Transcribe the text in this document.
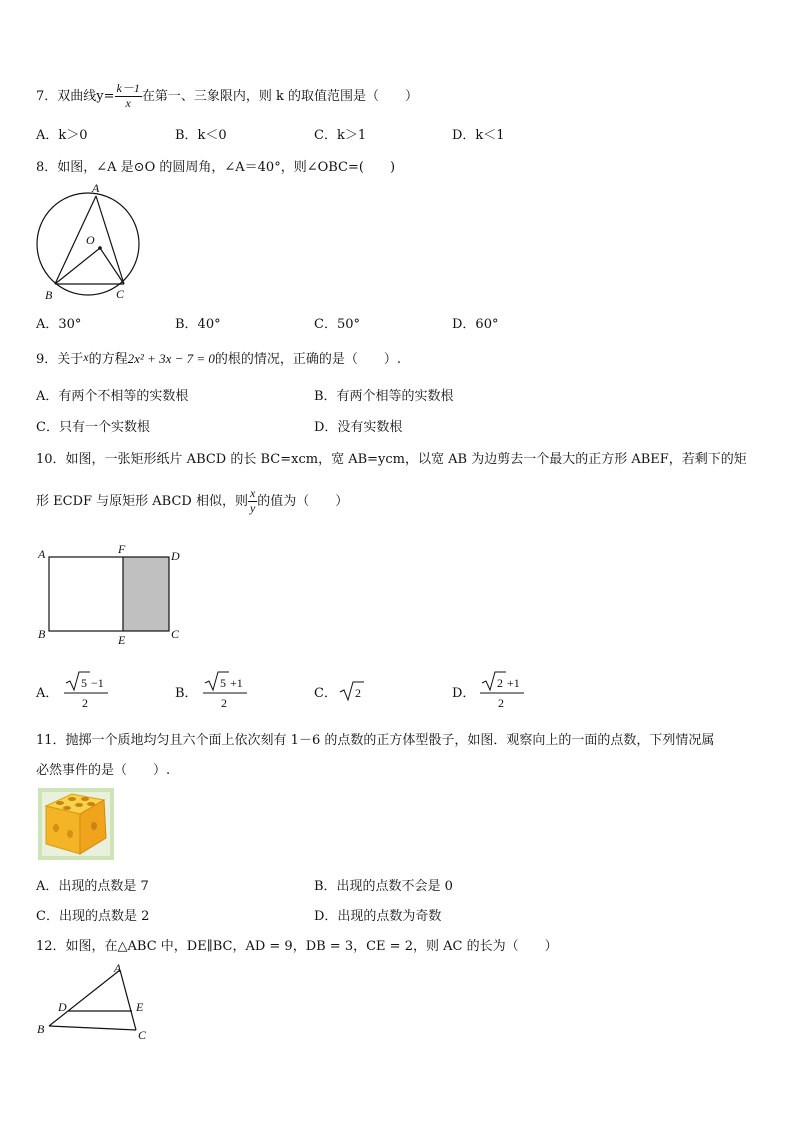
7．双曲线$y= \frac{k-1}{x}$ 在第一、三象限内，则 k 的取值范围是（　　）
A．k＞0	B．k＜0	C．k＞1	D．k＜1
8．如图，∠A 是⊙O 的圆周角，∠A＝40°，则∠OBC=(　　)
A
O
B	C
A．30°	B．40°	C．50°	D．60°
9．关于x的方程2x² + 3x − 7 = 0的根的情况，正确的是（　　）.
A．有两个不相等的实数根	B．有两个相等的实数根
C．只有一个实数根	D．没有实数根
10．如图，一张矩形纸片 ABCD 的长 BC=xcm，宽 AB=ycm，以宽 AB 为边剪去一个最大的正方形 ABEF，若剩下的矩
形 ECDF 与原矩形 ABCD 相似，则 $\frac{x}{y}$ 的值为（　　）
A	F	D
B	E	C
A．
5 −1
2
B．
5 +1
2
C． 2	D．
2 +1
2
11．抛掷一个质地均匀且六个面上依次刻有 1－6 的点数的正方体型骰子，如图．观察向上的一面的点数，下列情况属
必然事件的是（　　）.
A．出现的点数是 7	B．出现的点数不会是 0
C．出现的点数是 2	D．出现的点数为奇数
12．如图，在△ABC 中，DE∥BC，AD = 9，DB = 3，CE = 2，则 AC 的长为（　　）
A
D	E
B	C
